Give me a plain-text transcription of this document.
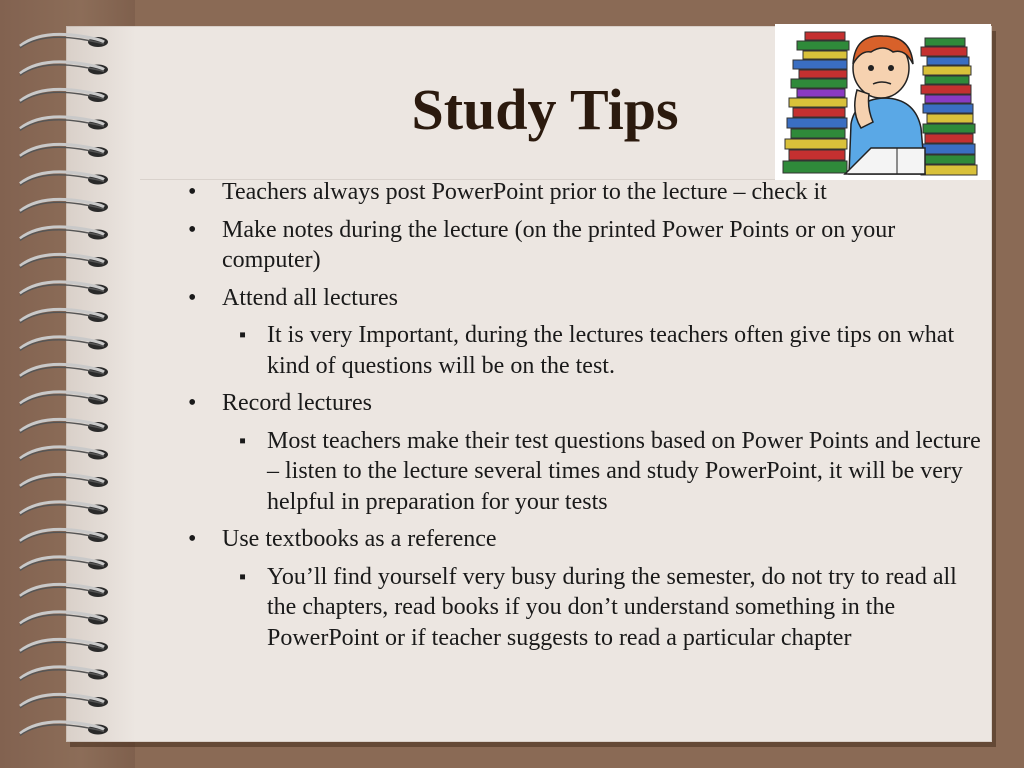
Study Tips
• Teachers always post PowerPoint prior to the lecture – check it
• Make notes during the lecture (on the printed Power Points or on your computer)
• Attend all lectures
▪ It is very Important, during the lectures teachers often give tips on what kind of questions will be on the test.
• Record lectures
▪ Most teachers make their test questions based on Power Points and lecture – listen to the lecture several times and study PowerPoint, it will be very helpful in preparation for your tests
• Use textbooks as a reference
▪ You’ll find yourself very busy during the semester, do not try to read all the chapters, read books if you don’t understand something in the PowerPoint or if teacher suggests to read a particular chapter
